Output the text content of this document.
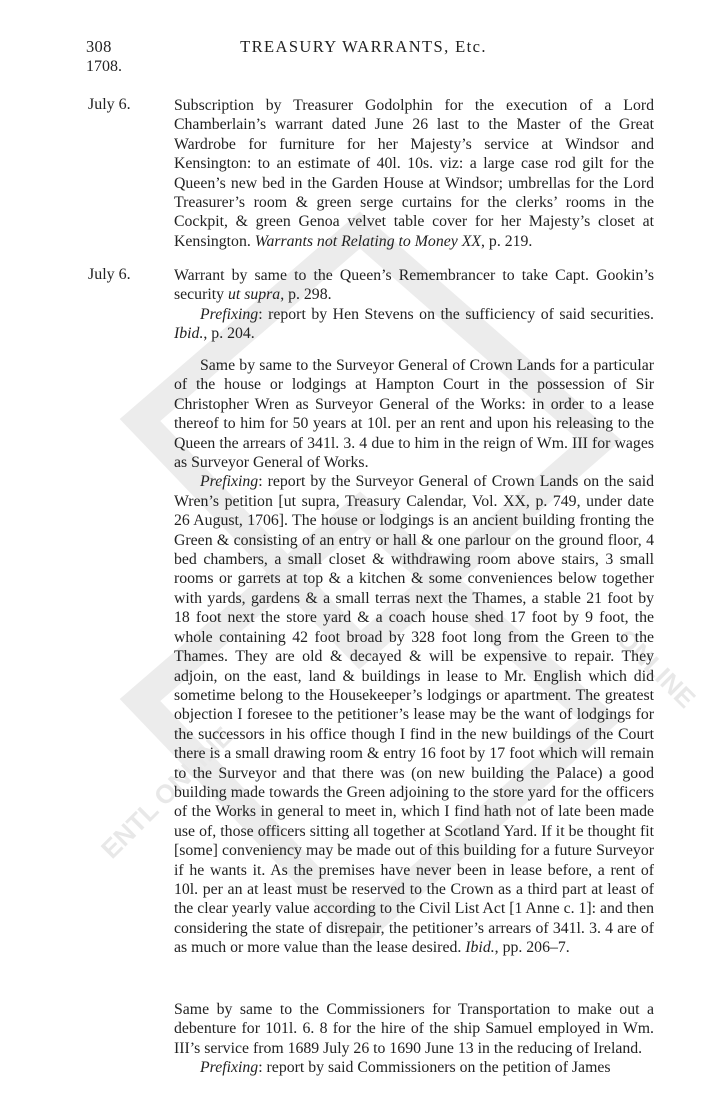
ENTL ONLINE
ONLINE
308	TREASURY WARRANTS, Etc.
1708.
July 6.	Subscription by Treasurer Godolphin for the execution of a Lord Chamberlain’s warrant dated June 26 last to the Master of the Great Wardrobe for furniture for her Majesty’s service at Windsor and Kensington: to an estimate of 40l. 10s. viz: a large case rod gilt for the Queen’s new bed in the Garden House at Windsor; umbrellas for the Lord Treasurer’s room & green serge curtains for the clerks’ rooms in the Cockpit, & green Genoa velvet table cover for her Majesty’s closet at Kensington. Warrants not Relating to Money XX, p. 219.

July 6.	Warrant by same to the Queen’s Remembrancer to take Capt. Gookin’s security ut supra, p. 298.

Prefixing: report by Hen Stevens on the sufficiency of said securities. Ibid., p. 204.

Same by same to the Surveyor General of Crown Lands for a particular of the house or lodgings at Hampton Court in the possession of Sir Christopher Wren as Surveyor General of the Works: in order to a lease thereof to him for 50 years at 10l. per an rent and upon his releasing to the Queen the arrears of 341l. 3. 4 due to him in the reign of Wm. III for wages as Surveyor General of Works.

Prefixing: report by the Surveyor General of Crown Lands on the said Wren’s petition [ut supra, Treasury Calendar, Vol. XX, p. 749, under date 26 August, 1706]. The house or lodgings is an ancient building fronting the Green & consisting of an entry or hall & one parlour on the ground floor, 4 bed chambers, a small closet & withdrawing room above stairs, 3 small rooms or garrets at top & a kitchen & some conveniences below together with yards, gardens & a small terras next the Thames, a stable 21 foot by 18 foot next the store yard & a coach house shed 17 foot by 9 foot, the whole containing 42 foot broad by 328 foot long from the Green to the Thames. They are old & decayed & will be expensive to repair. They adjoin, on the east, land & buildings in lease to Mr. English which did sometime belong to the Housekeeper’s lodgings or apartment. The greatest objection I foresee to the petitioner’s lease may be the want of lodgings for the successors in his office though I find in the new buildings of the Court there is a small drawing room & entry 16 foot by 17 foot which will remain to the Surveyor and that there was (on new building the Palace) a good building made towards the Green adjoining to the store yard for the officers of the Works in general to meet in, which I find hath not of late been made use of, those officers sitting all together at Scotland Yard. If it be thought fit [some] conveniency may be made out of this building for a future Surveyor if he wants it. As the premises have never been in lease before, a rent of 10l. per an at least must be reserved to the Crown as a third part at least of the clear yearly value according to the Civil List Act [1 Anne c. 1]: and then considering the state of disrepair, the petitioner’s arrears of 341l. 3. 4 are of as much or more value than the lease desired. Ibid., pp. 206–7.

Same by same to the Commissioners for Transportation to make out a debenture for 101l. 6. 8 for the hire of the ship Samuel employed in Wm. III’s service from 1689 July 26 to 1690 June 13 in the reducing of Ireland.

Prefixing: report by said Commissioners on the petition of James
